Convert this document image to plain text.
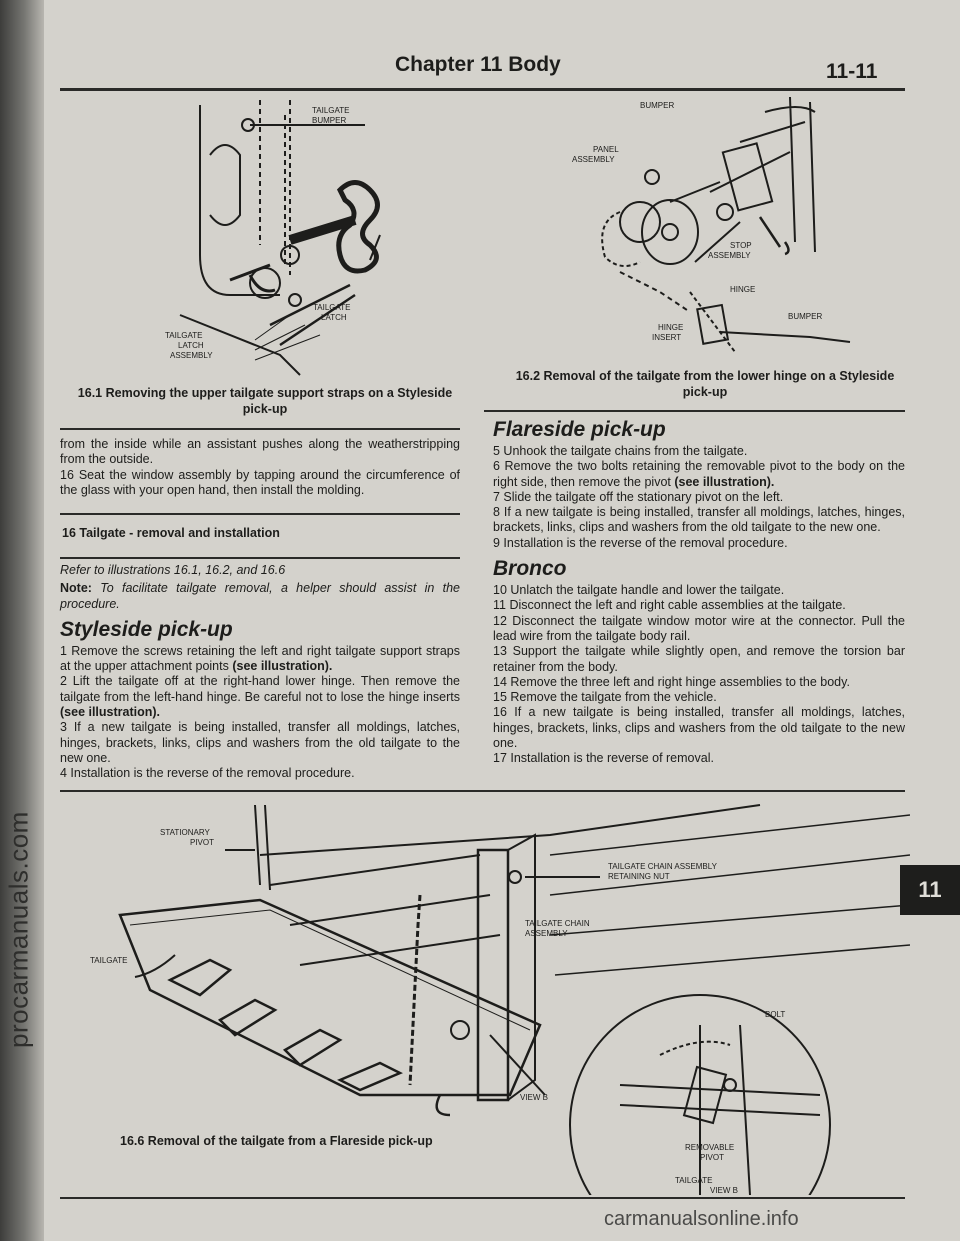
procarmanuals.com
Chapter 11 Body	11-11
TAILGATE
BUMPER
TAILGATE
LATCH
TAILGATE
LATCH
ASSEMBLY
16.1 Removing the upper tailgate support straps on a Styleside pick-up
BUMPER
PANEL
ASSEMBLY
STOP
ASSEMBLY
HINGE
BUMPER
HINGE
INSERT
16.2 Removal of the tailgate from the lower hinge on a Styleside pick-up

from the inside while an assistant pushes along the weatherstripping from the outside.

16 Seat the window assembly by tapping around the circumference of the glass with your open hand, then install the molding.

16 Tailgate - removal and installation

Refer to illustrations 16.1, 16.2, and 16.6

Note: To facilitate tailgate removal, a helper should assist in the procedure.

Styleside pick-up

1 Remove the screws retaining the left and right tailgate support straps at the upper attachment points (see illustration).

2 Lift the tailgate off at the right-hand lower hinge. Then remove the tailgate from the left-hand hinge. Be careful not to lose the hinge inserts (see illustration).

3 If a new tailgate is being installed, transfer all moldings, latches, hinges, brackets, links, clips and washers from the old tailgate to the new one.

4 Installation is the reverse of the removal procedure.

Flareside pick-up

5 Unhook the tailgate chains from the tailgate.

6 Remove the two bolts retaining the removable pivot to the body on the right side, then remove the pivot (see illustration).

7 Slide the tailgate off the stationary pivot on the left.

8 If a new tailgate is being installed, transfer all moldings, latches, hinges, brackets, links, clips and washers from the old tailgate to the new one.

9 Installation is the reverse of the removal procedure.

Bronco

10 Unlatch the tailgate handle and lower the tailgate.

11 Disconnect the left and right cable assemblies at the tailgate.

12 Disconnect the tailgate window motor wire at the connector. Pull the lead wire from the tailgate body rail.

13 Support the tailgate while slightly open, and remove the torsion bar retainer from the body.

14 Remove the three left and right hinge assemblies to the body.

15 Remove the tailgate from the vehicle.

16 If a new tailgate is being installed, transfer all moldings, latches, hinges, brackets, links, clips and washers from the old tailgate to the new one.

17 Installation is the reverse of removal.

STATIONARY
PIVOT
TAILGATE CHAIN ASSEMBLY
RETAINING NUT
TAILGATE CHAIN
ASSEMBLY
TAILGATE
VIEW B
BOLT
REMOVABLE
PIVOT
TAILGATE
VIEW B
16.6 Removal of the tailgate from a Flareside pick-up
11
carmanualsonline.info
